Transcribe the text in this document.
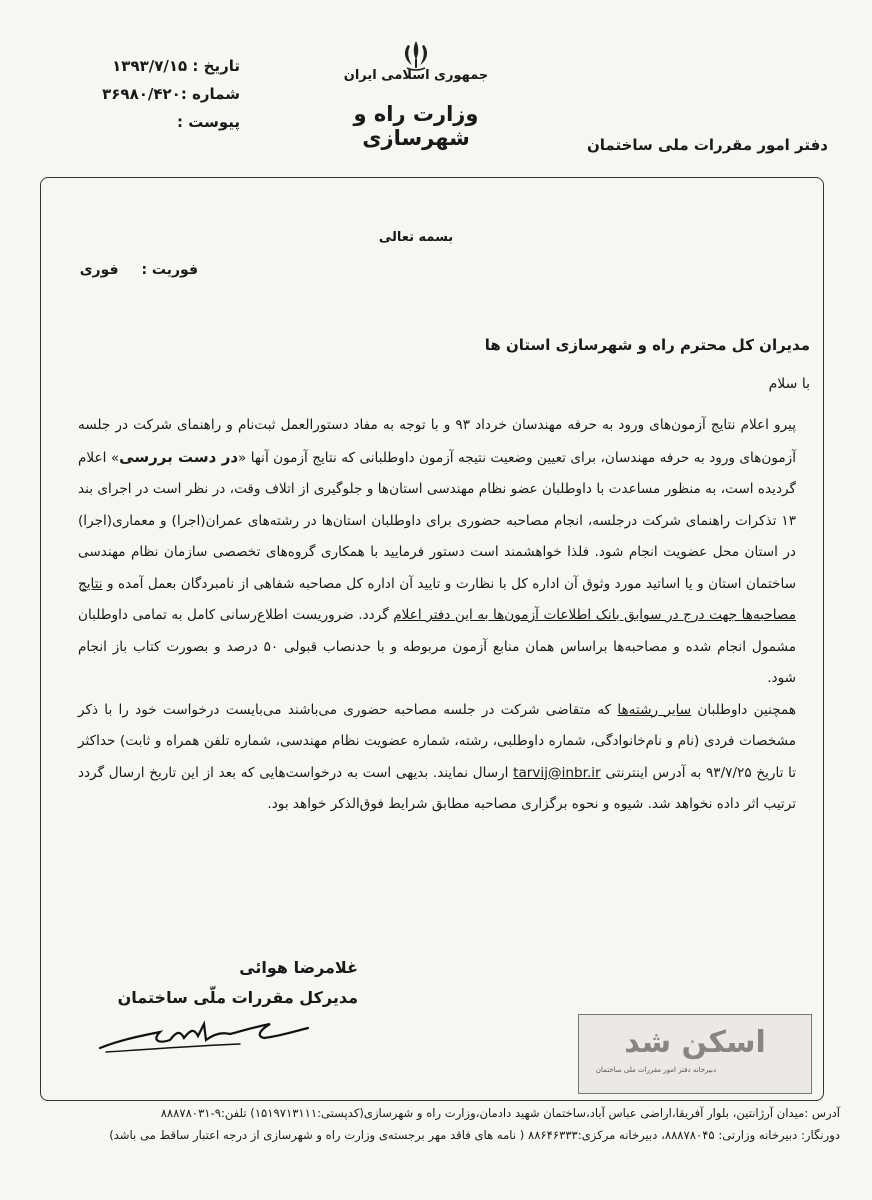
جمهوری اسلامی ایران
وزارت راه و شهرسازی
تاریخ : ۱۳۹۳/۷/۱۵
شماره :۳۶۹۸۰/۴۲۰
پیوست :
دفتر امور مقررات ملی ساختمان
بسمه تعالی
فوریت : فوری
مدیران کل محترم راه و شهرسازی استان ها
با سلام

پیرو اعلام نتایج آزمون‌های ورود به حرفه مهندسان خرداد ۹۳ و با توجه به مفاد دستورالعمل ثبت‌نام و راهنمای شرکت در جلسه آزمون‌های ورود به حرفه مهندسان، برای تعیین وضعیت نتیجه آزمون داوطلبانی که نتایج آزمون آنها «در دست بررسی» اعلام گردیده است، به منظور مساعدت با داوطلبان عضو نظام مهندسی استان‌ها و جلوگیری از اتلاف وقت، در نظر است در اجرای بند ۱۳ تذکرات راهنمای شرکت درجلسه، انجام مصاحبه حضوری برای داوطلبان استان‌ها در رشته‌های عمران(اجرا) و معماری(اجرا) در استان محل عضویت انجام شود. فلذا خواهشمند است دستور فرمایید با همکاری گروه‌های تخصصی سازمان نظام مهندسی ساختمان استان و یا اساتید مورد وثوق آن اداره کل با نظارت و تایید آن اداره کل مصاحبه شفاهی از نامبردگان بعمل آمده و نتایج مصاحبه‌ها جهت درج در سوابق بانک اطلاعات آزمون‌ها به این دفتر اعلام گردد. ضروریست اطلاع‌رسانی کامل به تمامی داوطلبان مشمول انجام شده و مصاحبه‌ها براساس همان منابع آزمون مربوطه و با حدنصاب قبولی ۵۰ درصد و بصورت کتاب باز انجام شود.

همچنین داوطلبان سایر رشته‌ها که متقاضی شرکت در جلسه مصاحبه حضوری می‌باشند می‌بایست درخواست خود را با ذکر مشخصات فردی (نام و نام‌خانوادگی، شماره داوطلبی، رشته، شماره عضویت نظام مهندسی، شماره تلفن همراه و ثابت) حداکثر تا تاریخ ۹۳/۷/۲۵ به آدرس اینترنتی tarvij@inbr.ir ارسال نمایند. بدیهی است به درخواست‌هایی که بعد از این تاریخ ارسال گردد ترتیب اثر داده نخواهد شد. شیوه و نحوه برگزاری مصاحبه مطابق شرایط فوق‌الذکر خواهد بود.

غلامرضا هوائی
مدیرکل مقررات ملّی ساختمان
اسکن شد
دبیرخانه دفتر امور مقررات ملی ساختمان
آدرس :میدان آرژانتین، بلوار آفریقا،اراضی عباس آباد،ساختمان شهید دادمان،وزارت راه و شهرسازی(کدپستی:۱۵۱۹۷۱۳۱۱۱) تلفن:۹-۸۸۸۷۸۰۳۱
دورنگار: دبیرخانه وزارتی: ۸۸۸۷۸۰۴۵، دبیرخانه مرکزی:۸۸۶۴۶۳۳۳ ( نامه های فاقد مهر برجسته‌ی وزارت راه و شهرسازی از درجه اعتبار ساقط می باشد)
